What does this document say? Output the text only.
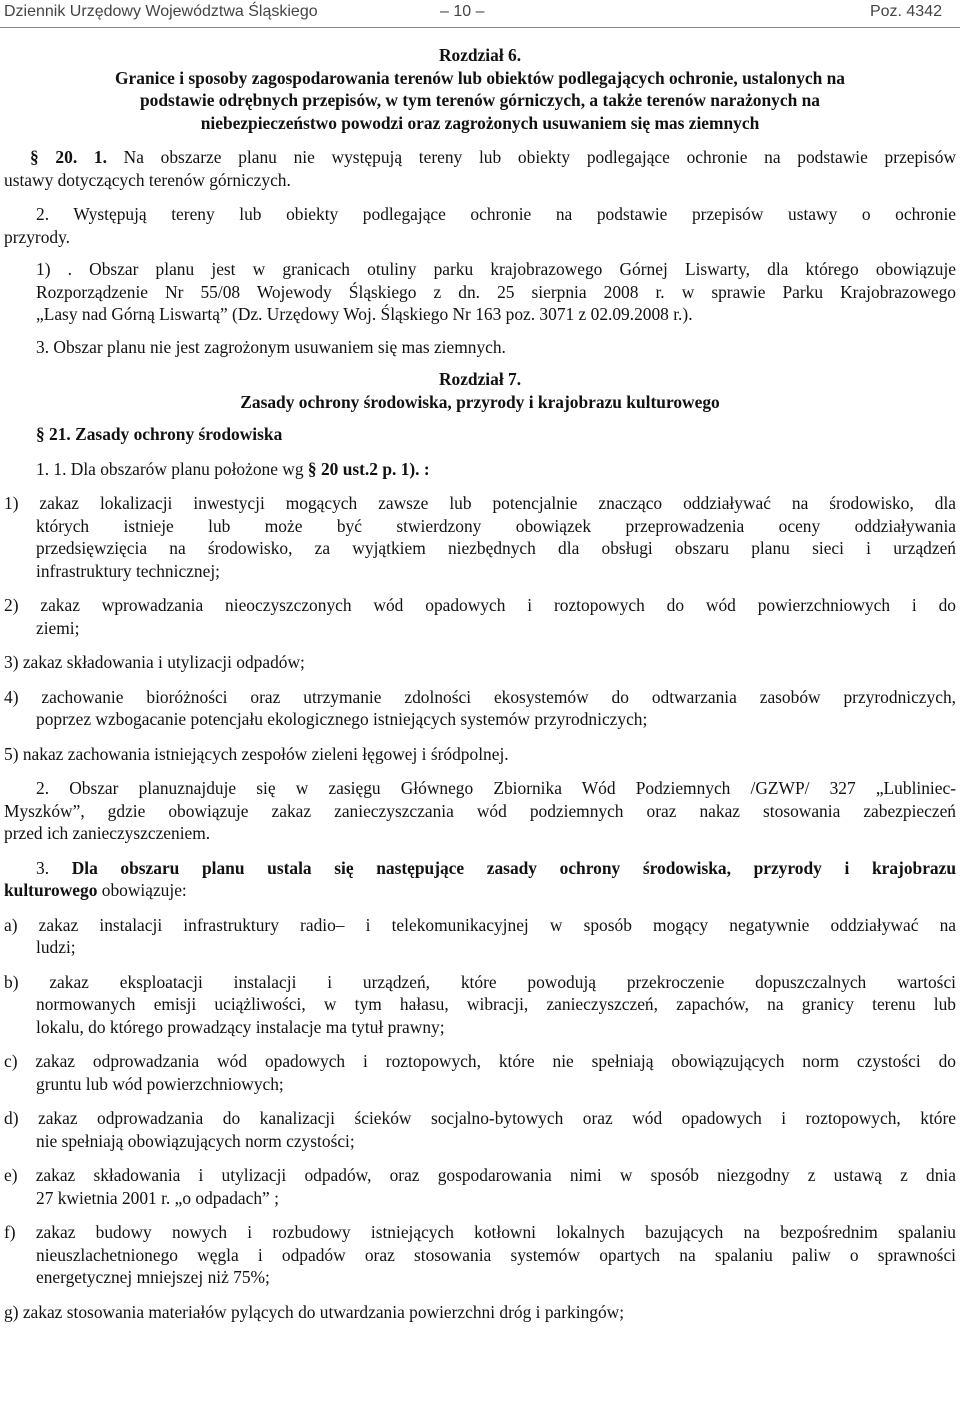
Dziennik Urzędowy Województwa Śląskiego	– 10 –	Poz. 4342

Rozdział 6.

Granice i sposoby zagospodarowania terenów lub obiektów podlegających ochronie, ustalonych na
podstawie odrębnych przepisów, w tym terenów górniczych, a także terenów narażonych na
niebezpieczeństwo powodzi oraz zagrożonych usuwaniem się mas ziemnych
§ 20. 1. Na obszarze planu nie występują tereny lub obiekty podlegające ochronie na podstawie przepisów
ustawy dotyczących terenów górniczych.
2. Występują tereny lub obiekty podlegające ochronie na podstawie przepisów ustawy o ochronie
przyrody.
1) . Obszar planu jest w granicach otuliny parku krajobrazowego Górnej Liswarty, dla którego obowiązuje
Rozporządzenie Nr 55/08 Wojewody Śląskiego z dn. 25 sierpnia 2008 r. w sprawie Parku Krajobrazowego
„Lasy nad Górną Liswartą” (Dz. Urzędowy Woj. Śląskiego Nr 163 poz. 3071 z 02.09.2008 r.).
3. Obszar planu nie jest zagrożonym usuwaniem się mas ziemnych.

Rozdział 7.

Zasady ochrony środowiska, przyrody i krajobrazu kulturowego

§ 21. Zasady ochrony środowiska
1. 1. Dla obszarów planu położone wg § 20 ust.2 p. 1). :
1) zakaz lokalizacji inwestycji mogących zawsze lub potencjalnie znacząco oddziaływać na środowisko, dla
których istnieje lub może być stwierdzony obowiązek przeprowadzenia oceny oddziaływania
przedsięwzięcia na środowisko, za wyjątkiem niezbędnych dla obsługi obszaru planu sieci i urządzeń
infrastruktury technicznej;
2) zakaz wprowadzania nieoczyszczonych wód opadowych i roztopowych do wód powierzchniowych i do
ziemi;
3) zakaz składowania i utylizacji odpadów;
4) zachowanie bioróżności oraz utrzymanie zdolności ekosystemów do odtwarzania zasobów przyrodniczych,
poprzez wzbogacanie potencjału ekologicznego istniejących systemów przyrodniczych;
5) nakaz zachowania istniejących zespołów zieleni łęgowej i śródpolnej.
2. Obszar planuznajduje się w zasięgu Głównego Zbiornika Wód Podziemnych /GZWP/ 327 „Lubliniec-
Myszków”, gdzie obowiązuje zakaz zanieczyszczania wód podziemnych oraz nakaz stosowania zabezpieczeń
przed ich zanieczyszczeniem.
3. Dla obszaru planu ustala się następujące zasady ochrony środowiska, przyrody i krajobrazu
kulturowego obowiązuje:
a) zakaz instalacji infrastruktury radio– i telekomunikacyjnej w sposób mogący negatywnie oddziaływać na
ludzi;
b) zakaz eksploatacji instalacji i urządzeń, które powodują przekroczenie dopuszczalnych wartości
normowanych emisji uciążliwości, w tym hałasu, wibracji, zanieczyszczeń, zapachów, na granicy terenu lub
lokalu, do którego prowadzący instalacje ma tytuł prawny;
c) zakaz odprowadzania wód opadowych i roztopowych, które nie spełniają obowiązujących norm czystości do
gruntu lub wód powierzchniowych;
d) zakaz odprowadzania do kanalizacji ścieków socjalno-bytowych oraz wód opadowych i roztopowych, które
nie spełniają obowiązujących norm czystości;
e) zakaz składowania i utylizacji odpadów, oraz gospodarowania nimi w sposób niezgodny z ustawą z dnia
27 kwietnia 2001 r. „o odpadach” ;
f) zakaz budowy nowych i rozbudowy istniejących kotłowni lokalnych bazujących na bezpośrednim spalaniu
nieuszlachetnionego węgla i odpadów oraz stosowania systemów opartych na spalaniu paliw o sprawności
energetycznej mniejszej niż 75%;
g) zakaz stosowania materiałów pylących do utwardzania powierzchni dróg i parkingów;
